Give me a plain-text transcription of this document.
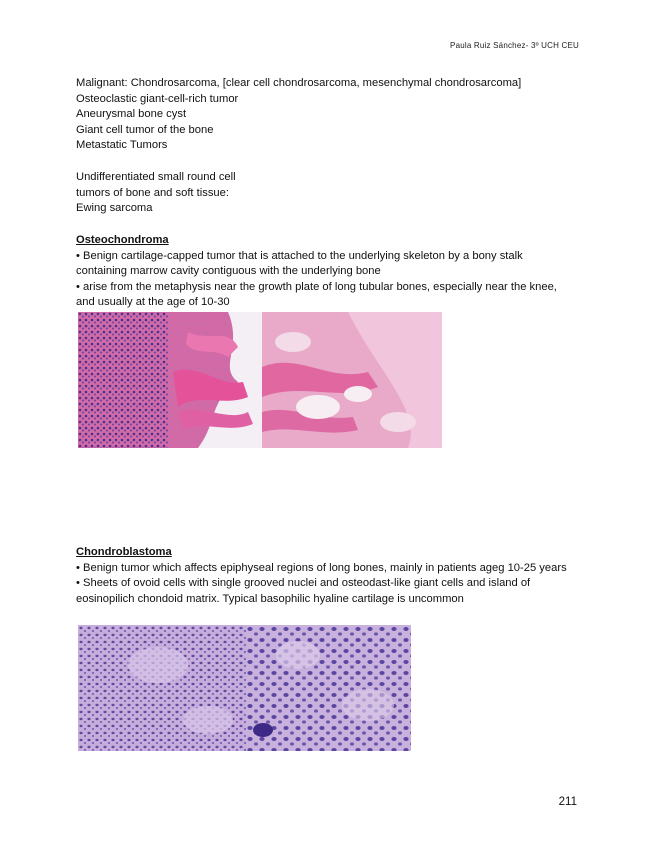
Paula Ruiz Sánchez- 3º UCH CEU

Malignant: Chondrosarcoma, [clear cell chondrosarcoma, mesenchymal chondrosarcoma]

Osteoclastic giant-cell-rich tumor

Aneurysmal bone cyst

Giant cell tumor of the bone

Metastatic Tumors

Undifferentiated small round cell

tumors of bone and soft tissue:

Ewing sarcoma

Osteochondroma

• Benign cartilage-capped tumor that is attached to the underlying skeleton by a bony stalk containing marrow cavity contiguous with the underlying bone

• arise from the metaphysis near the growth plate of long tubular bones, especially near the knee, and usually at the age of 10-30

Chondroblastoma

• Benign tumor which affects epiphyseal regions of long bones, mainly in patients ageg 10-25 years

• Sheets of ovoid cells with single grooved nuclei and osteodast-like giant cells and island of eosinopilich chondoid matrix. Typical basophilic hyaline cartilage is uncommon

211
